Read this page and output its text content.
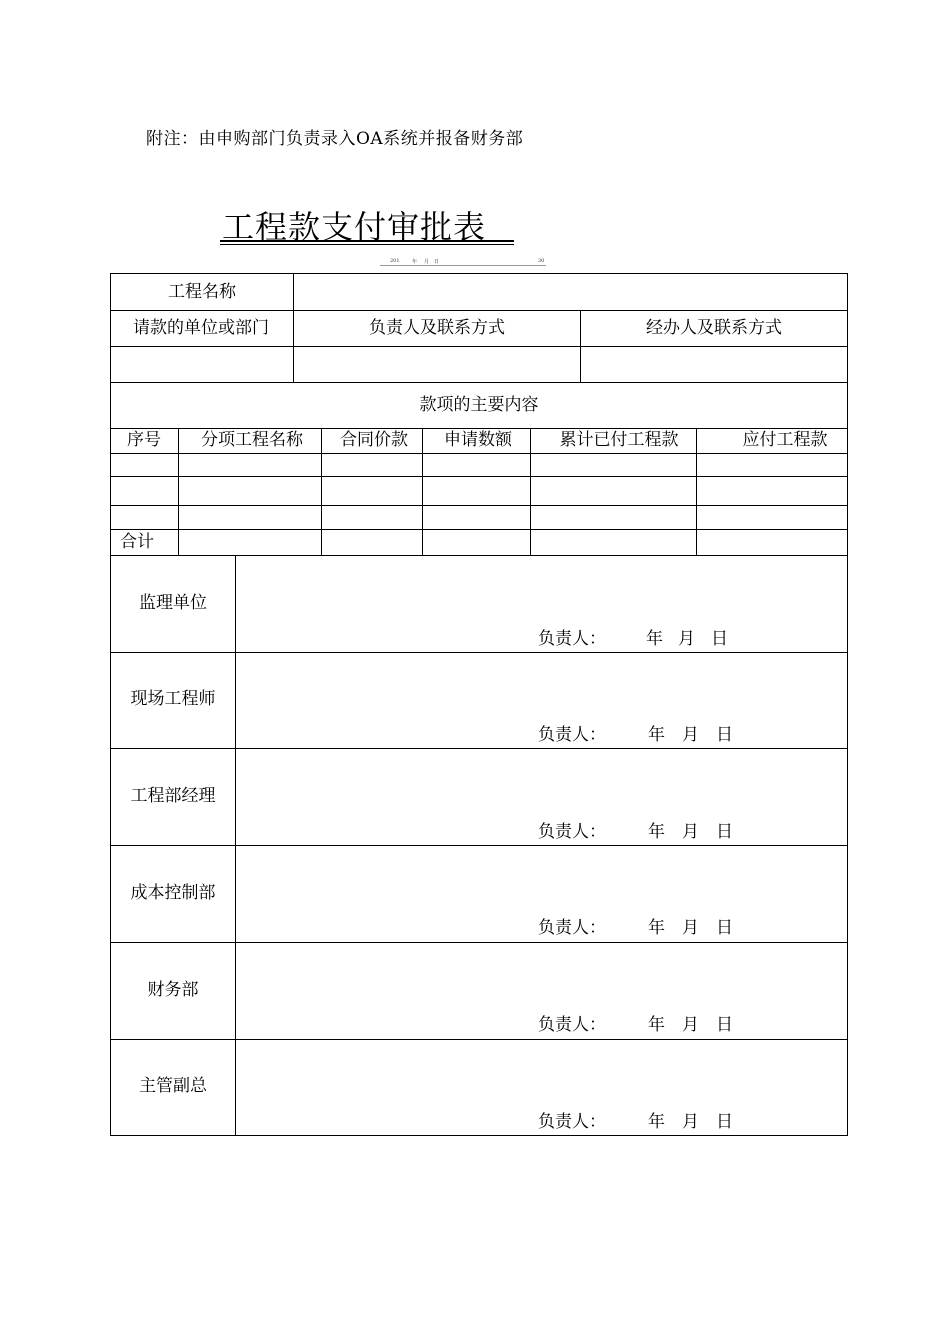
附注：由申购部门负责录入OA系统并报备财务部
工程款支付审批表
201 年 月 日	30
工程名称
请款的单位或部门	负责人及联系方式	经办人及联系方式
款项的主要内容
序号 分项工程名称 合同价款 申请数额	累计已付工程款	应付工程款
合计
监理单位
负责人： 年 月 日
现场工程师
负责人： 年 月 日
工程部经理
负责人： 年 月 日
成本控制部
负责人： 年 月 日
财务部
负责人： 年 月 日
主管副总
负责人： 年 月 日
